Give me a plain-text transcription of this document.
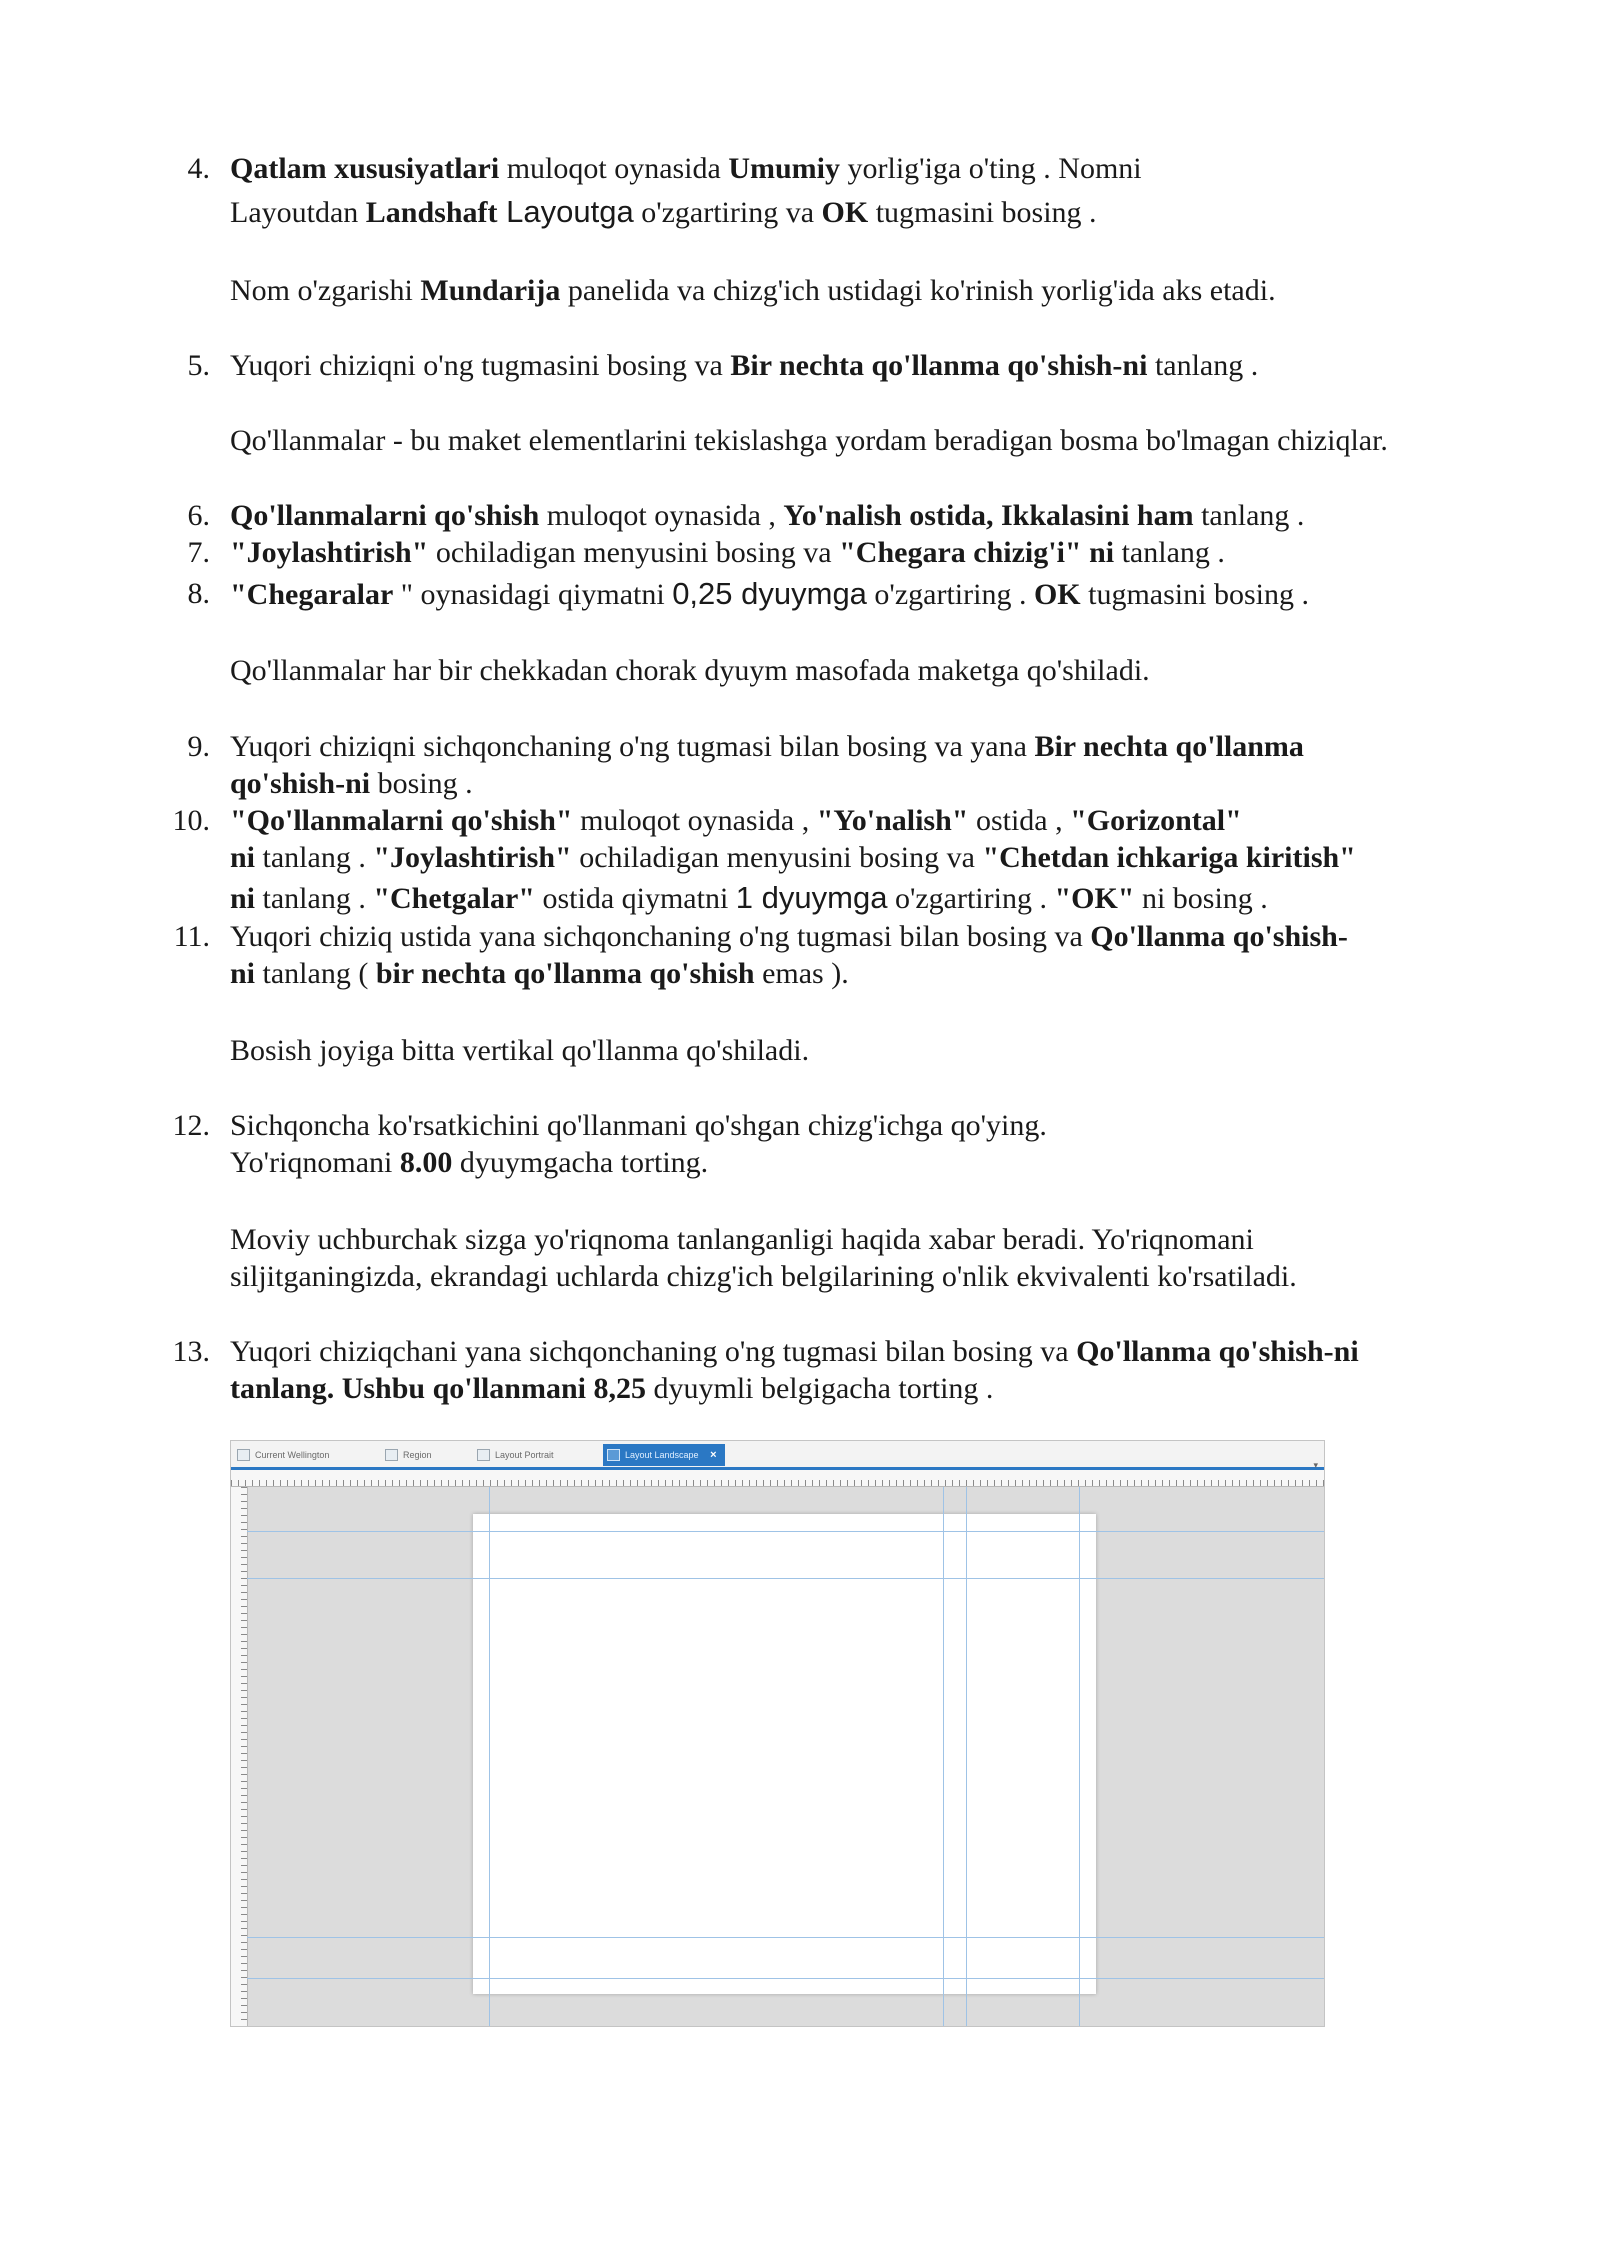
4. Qatlam xususiyatlari muloqot oynasida Umumiy yorlig'iga o'ting . Nomni
Layoutdan Landshaft Layoutga o'zgartiring va OK tugmasini bosing .
Nom o'zgarishi Mundarija panelida va chizg'ich ustidagi ko'rinish yorlig'ida aks etadi.
5. Yuqori chiziqni o'ng tugmasini bosing va Bir nechta qo'llanma qo'shish-ni tanlang .
Qo'llanmalar - bu maket elementlarini tekislashga yordam beradigan bosma bo'lmagan chiziqlar.
6. Qo'llanmalarni qo'shish muloqot oynasida , Yo'nalish ostida, Ikkalasini ham tanlang .
7. "Joylashtirish" ochiladigan menyusini bosing va "Chegara chizig'i" ni tanlang .
8. "Chegaralar " oynasidagi qiymatni 0,25 dyuymga o'zgartiring . OK tugmasini bosing .
Qo'llanmalar har bir chekkadan chorak dyuym masofada maketga qo'shiladi.
9. Yuqori chiziqni sichqonchaning o'ng tugmasi bilan bosing va yana Bir nechta qo'llanma
qo'shish-ni bosing .
10. "Qo'llanmalarni qo'shish" muloqot oynasida , "Yo'nalish" ostida , "Gorizontal"
ni tanlang . "Joylashtirish" ochiladigan menyusini bosing va "Chetdan ichkariga kiritish"
ni tanlang . "Chetgalar" ostida qiymatni 1 dyuymga o'zgartiring . "OK" ni bosing .
11. Yuqori chiziq ustida yana sichqonchaning o'ng tugmasi bilan bosing va Qo'llanma qo'shish-
ni tanlang ( bir nechta qo'llanma qo'shish emas ).
Bosish joyiga bitta vertikal qo'llanma qo'shiladi.
12. Sichqoncha ko'rsatkichini qo'llanmani qo'shgan chizg'ichga qo'ying.
Yo'riqnomani 8.00 dyuymgacha torting.
Moviy uchburchak sizga yo'riqnoma tanlanganligi haqida xabar beradi. Yo'riqnomani
siljitganingizda, ekrandagi uchlarda chizg'ich belgilarining o'nlik ekvivalenti ko'rsatiladi.
13. Yuqori chiziqchani yana sichqonchaning o'ng tugmasi bilan bosing va Qo'llanma qo'shish-ni
tanlang. Ushbu qo'llanmani 8,25 dyuymli belgigacha torting .
Current Wellington	Region	Layout Portrait	Layout Landscape ×
▾
